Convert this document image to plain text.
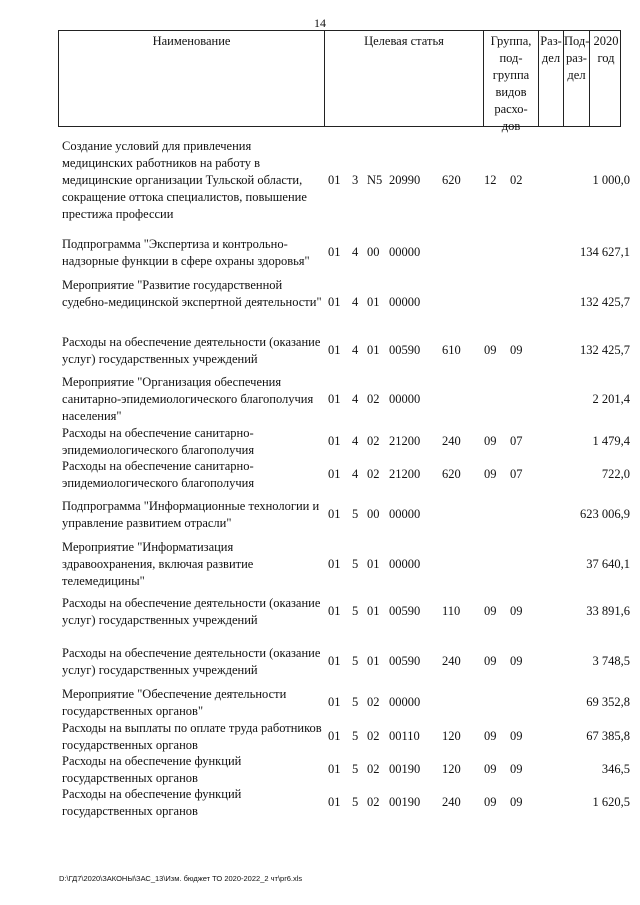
14
Наименование	Целевая статья	Группа,
под-
группа
видов
расхо-
дов
Раз-
дел
Под-
раз-
дел
2020 год
Создание условий для привлечения медицинских работников на работу в медицинские организации Тульской области, сокращение оттока специалистов, повышение престижа профессии
01 3 N5 20990 620 12 02	1 000,0
Подпрограмма "Экспертиза и контрольно-надзорные функции в сфере охраны здоровья"
01 4 00 00000	134 627,1
Мероприятие "Развитие государственной судебно-медицинской экспертной деятельности" 01 4 01 00000	132 425,7
Расходы на обеспечение деятельности (оказание услуг) государственных учреждений
01 4 01 00590 610 09 09	132 425,7
Мероприятие "Организация обеспечения санитарно-эпидемиологического благополучия населения"
01 4 02 00000	2 201,4
Расходы на обеспечение санитарно-эпидемиологического благополучия
01 4 02 21200 240 09 07	1 479,4
Расходы на обеспечение санитарно-эпидемиологического благополучия
01 4 02 21200 620 09 07	722,0
Подпрограмма "Информационные технологии и управление развитием отрасли"
01 5 00 00000	623 006,9
Мероприятие "Информатизация здравоохранения, включая развитие телемедицины"
01 5 01 00000	37 640,1
Расходы на обеспечение деятельности (оказание услуг) государственных учреждений
01 5 01 00590 110 09 09	33 891,6
Расходы на обеспечение деятельности (оказание услуг) государственных учреждений
01 5 01 00590 240 09 09	3 748,5
Мероприятие "Обеспечение деятельности государственных органов"
01 5 02 00000	69 352,8
Расходы на выплаты по оплате труда работников государственных органов
01 5 02 00110 120 09 09	67 385,8
Расходы на обеспечение функций государственных органов
01 5 02 00190 120 09 09	346,5
Расходы на обеспечение функций государственных органов
01 5 02 00190 240 09 09	1 620,5
D:\ГД7\2020\ЗАКОНЫ\ЗАС_13\Изм. бюджет ТО 2020-2022_2 чт\pr6.xls
